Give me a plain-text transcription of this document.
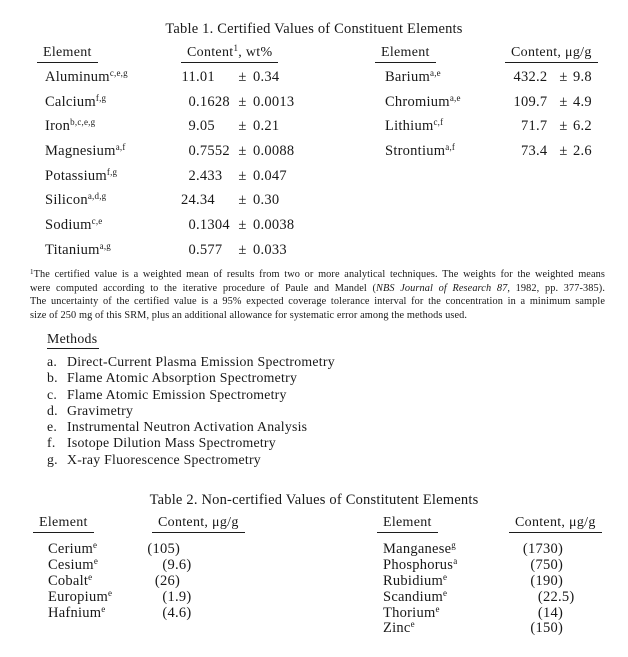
Table 1. Certified Values of Constituent Elements
Element	Content$^1$, wt%	Element	Content, μg/g
Aluminum$^{c,e,g}$	11 .01	± 0.34
Calcium$^{f,g}$	0 .1628 ± 0.0013
Iron$^{b,c,e,g}$	9 .05	± 0.21
Magnesium$^{a,f}$	0 .7552 ± 0.0088
Potassium$^{f,g}$	2 .433	± 0.047
Silicon$^{a,d,g}$	24 .34	± 0.30
Sodium$^{c,e}$	0 .1304 ± 0.0038
Titanium$^{a,g}$	0 .577	± 0.033
Barium$^{a,e}$	432 .2 ± 9.8
Chromium$^{a,e}$	109 .7 ± 4.9
Lithium$^{c,f}$	71 .7 ± 6.2
Strontium$^{a,f}$	73 .4 ± 2.6
$^1$The certified value is a weighted mean of results from two or more analytical techniques. The weights for the weighted means
were computed according to the iterative procedure of Paule and Mandel (NBS Journal of Research 87, 1982, pp. 377-385).
The uncertainty of the certified value is a 95% expected coverage tolerance interval for the concentration in a minimum sample
size of 250 mg of this SRM, plus an additional allowance for systematic error among the methods used.
Methods
a. Direct-Current Plasma Emission Spectrometry
b. Flame Atomic Absorption Spectrometry
c. Flame Atomic Emission Spectrometry
d. Gravimetry
e. Instrumental Neutron Activation Analysis
f. Isotope Dilution Mass Spectrometry
g. X-ray Fluorescence Spectrometry
Table 2. Non-certified Values of Constitutent Elements
Element	Content, μg/g	Element	Content, μg/g
Cerium$^e$	(105 )
Cesium$^e$	(9 .6)
Cobalt$^e$	(26 )
Europium$^e$	(1 .9)
Hafnium$^e$	(4 .6)
Manganese$^g$	(1730 )
Phosphorus$^a$	(750 )
Rubidium$^e$	(190 )
Scandium$^e$	(22 .5)
Thorium$^e$	(14 )
Zinc$^e$	(150 )
